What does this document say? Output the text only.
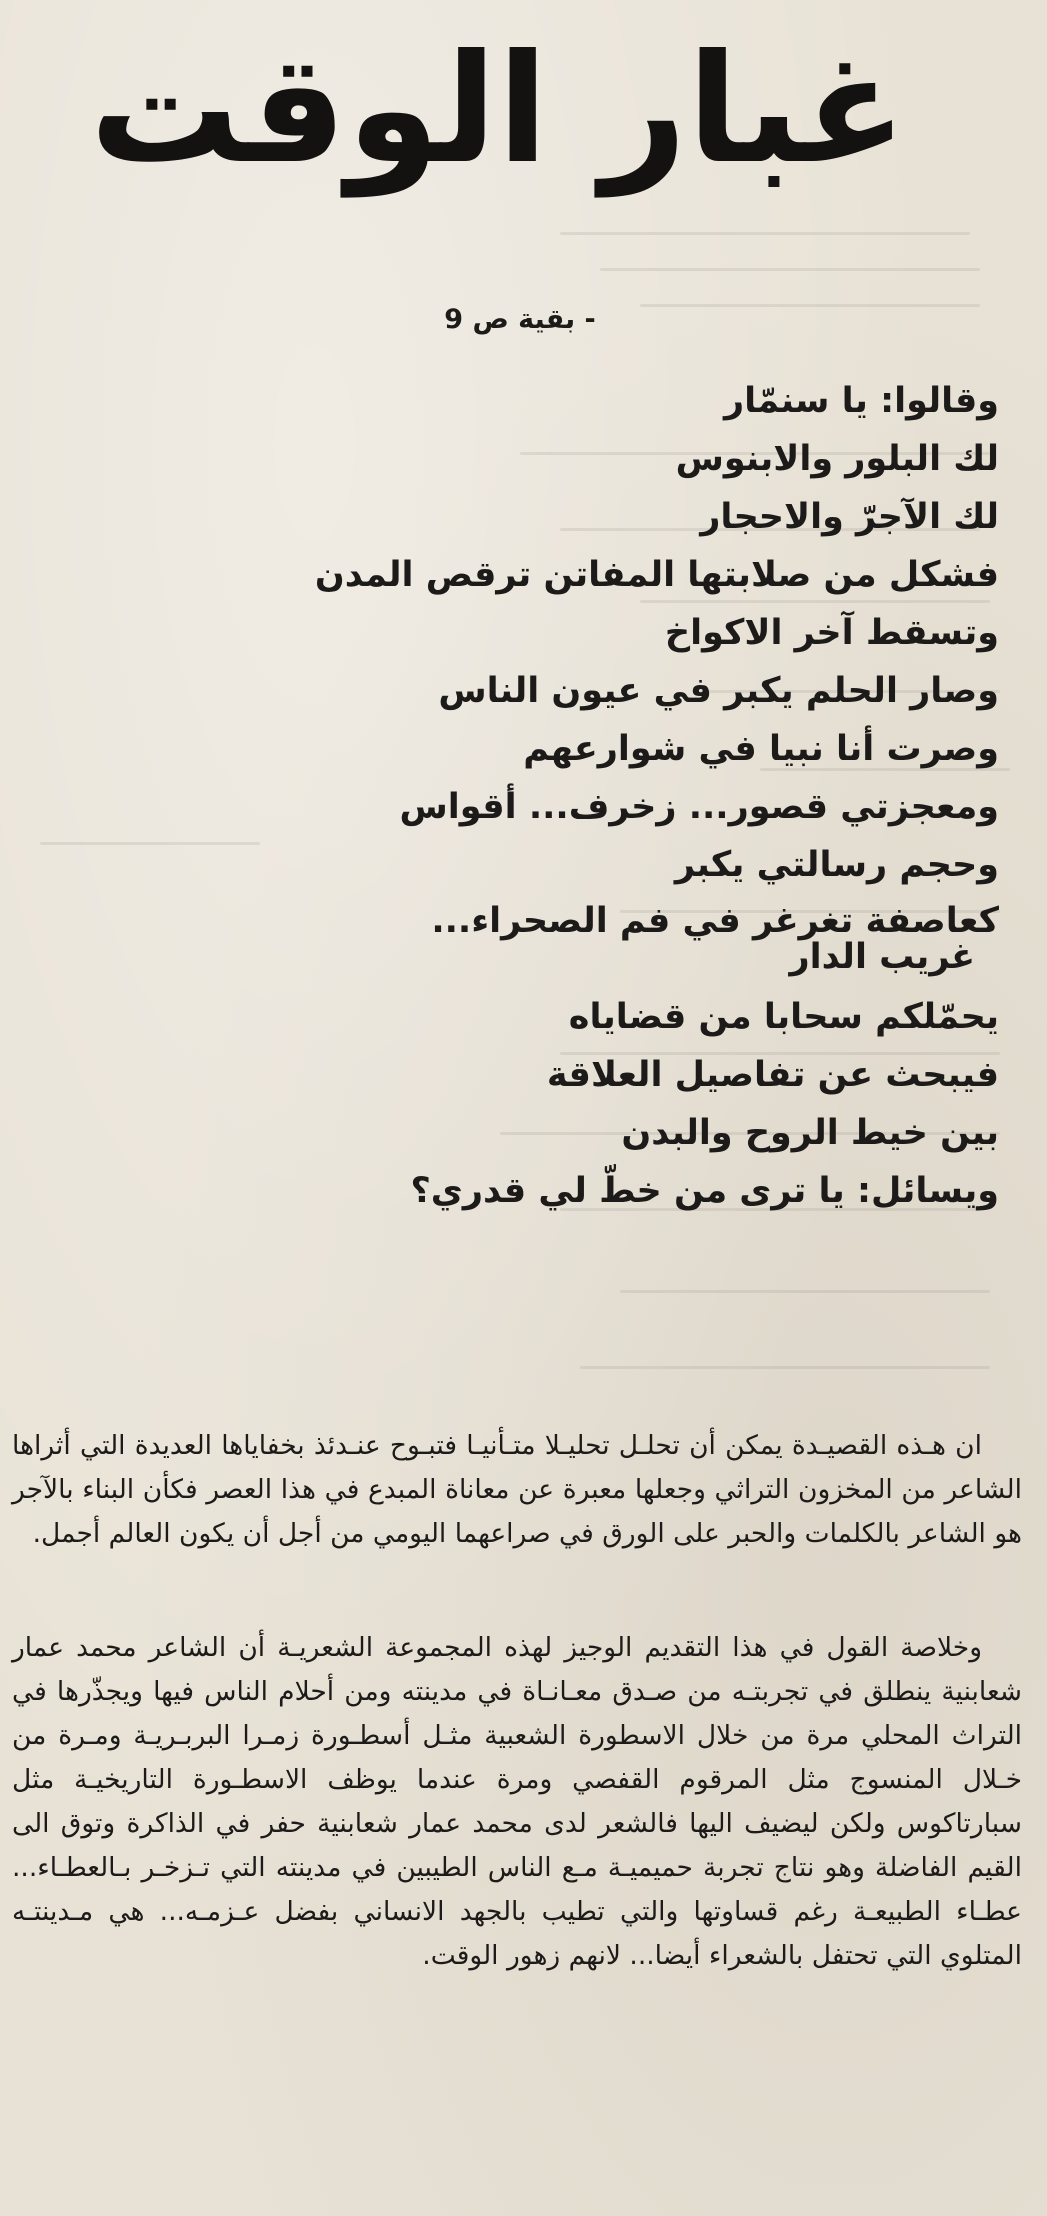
غبار الوقت
- بقية ص 9
وقالوا: يا سنمّار
لك البلور والابنوس
لك الآجرّ والاحجار
فشكل من صلابتها المفاتن ترقص المدن
وتسقط آخر الاكواخ
وصار الحلم يكبر في عيون الناس
وصرت أنا نبيا في شوارعهم
ومعجزتي قصور... زخرف... أقواس
وحجم رسالتي يكبر
كعاصفة تغرغر في فم الصحراء...
غريب الدار
يحمّلكم سحابا من قضاياه
فيبحث عن تفاصيل العلاقة
بين خيط الروح والبدن
ويسائل: يا ترى من خطّ لي قدري؟

ان هـذه القصيـدة يمكن أن تحلـل تحليـلا متـأنيـا فتبـوح عنـدئذ بخفاياها العديدة التي أثراها الشاعر من المخزون التراثي وجعلها معبرة عن معاناة المبدع في هذا العصر فكأن البناء بالآجر هو الشاعر بالكلمات والحبر على الورق في صراعهما اليومي من أجل أن يكون العالم أجمل.

وخلاصة القول في هذا التقديم الوجيز لهذه المجموعة الشعريـة أن الشاعر محمد عمار شعابنية ينطلق في تجربتـه من صـدق معـانـاة في مدينته ومن أحلام الناس فيها ويجذّرها في التراث المحلي مرة من خلال الاسطورة الشعبية مثـل أسطـورة زمـرا البربـريـة ومـرة من خـلال المنسوج مثل المرقوم القفصي ومرة عندما يوظف الاسطـورة التاريخيـة مثل سبارتاكوس ولكن ليضيف اليها فالشعر لدى محمد عمار شعابنية حفر في الذاكرة وتوق الى القيم الفاضلة وهو نتاج تجربة حميميـة مـع الناس الطيبين في مدينته التي تـزخـر بـالعطـاء... عطـاء الطبيعـة رغم قساوتها والتي تطيب بالجهد الانساني بفضل عـزمـه... هي مـدينتـه المتلوي التي تحتفل بالشعراء أيضا... لانهم زهور الوقت.
